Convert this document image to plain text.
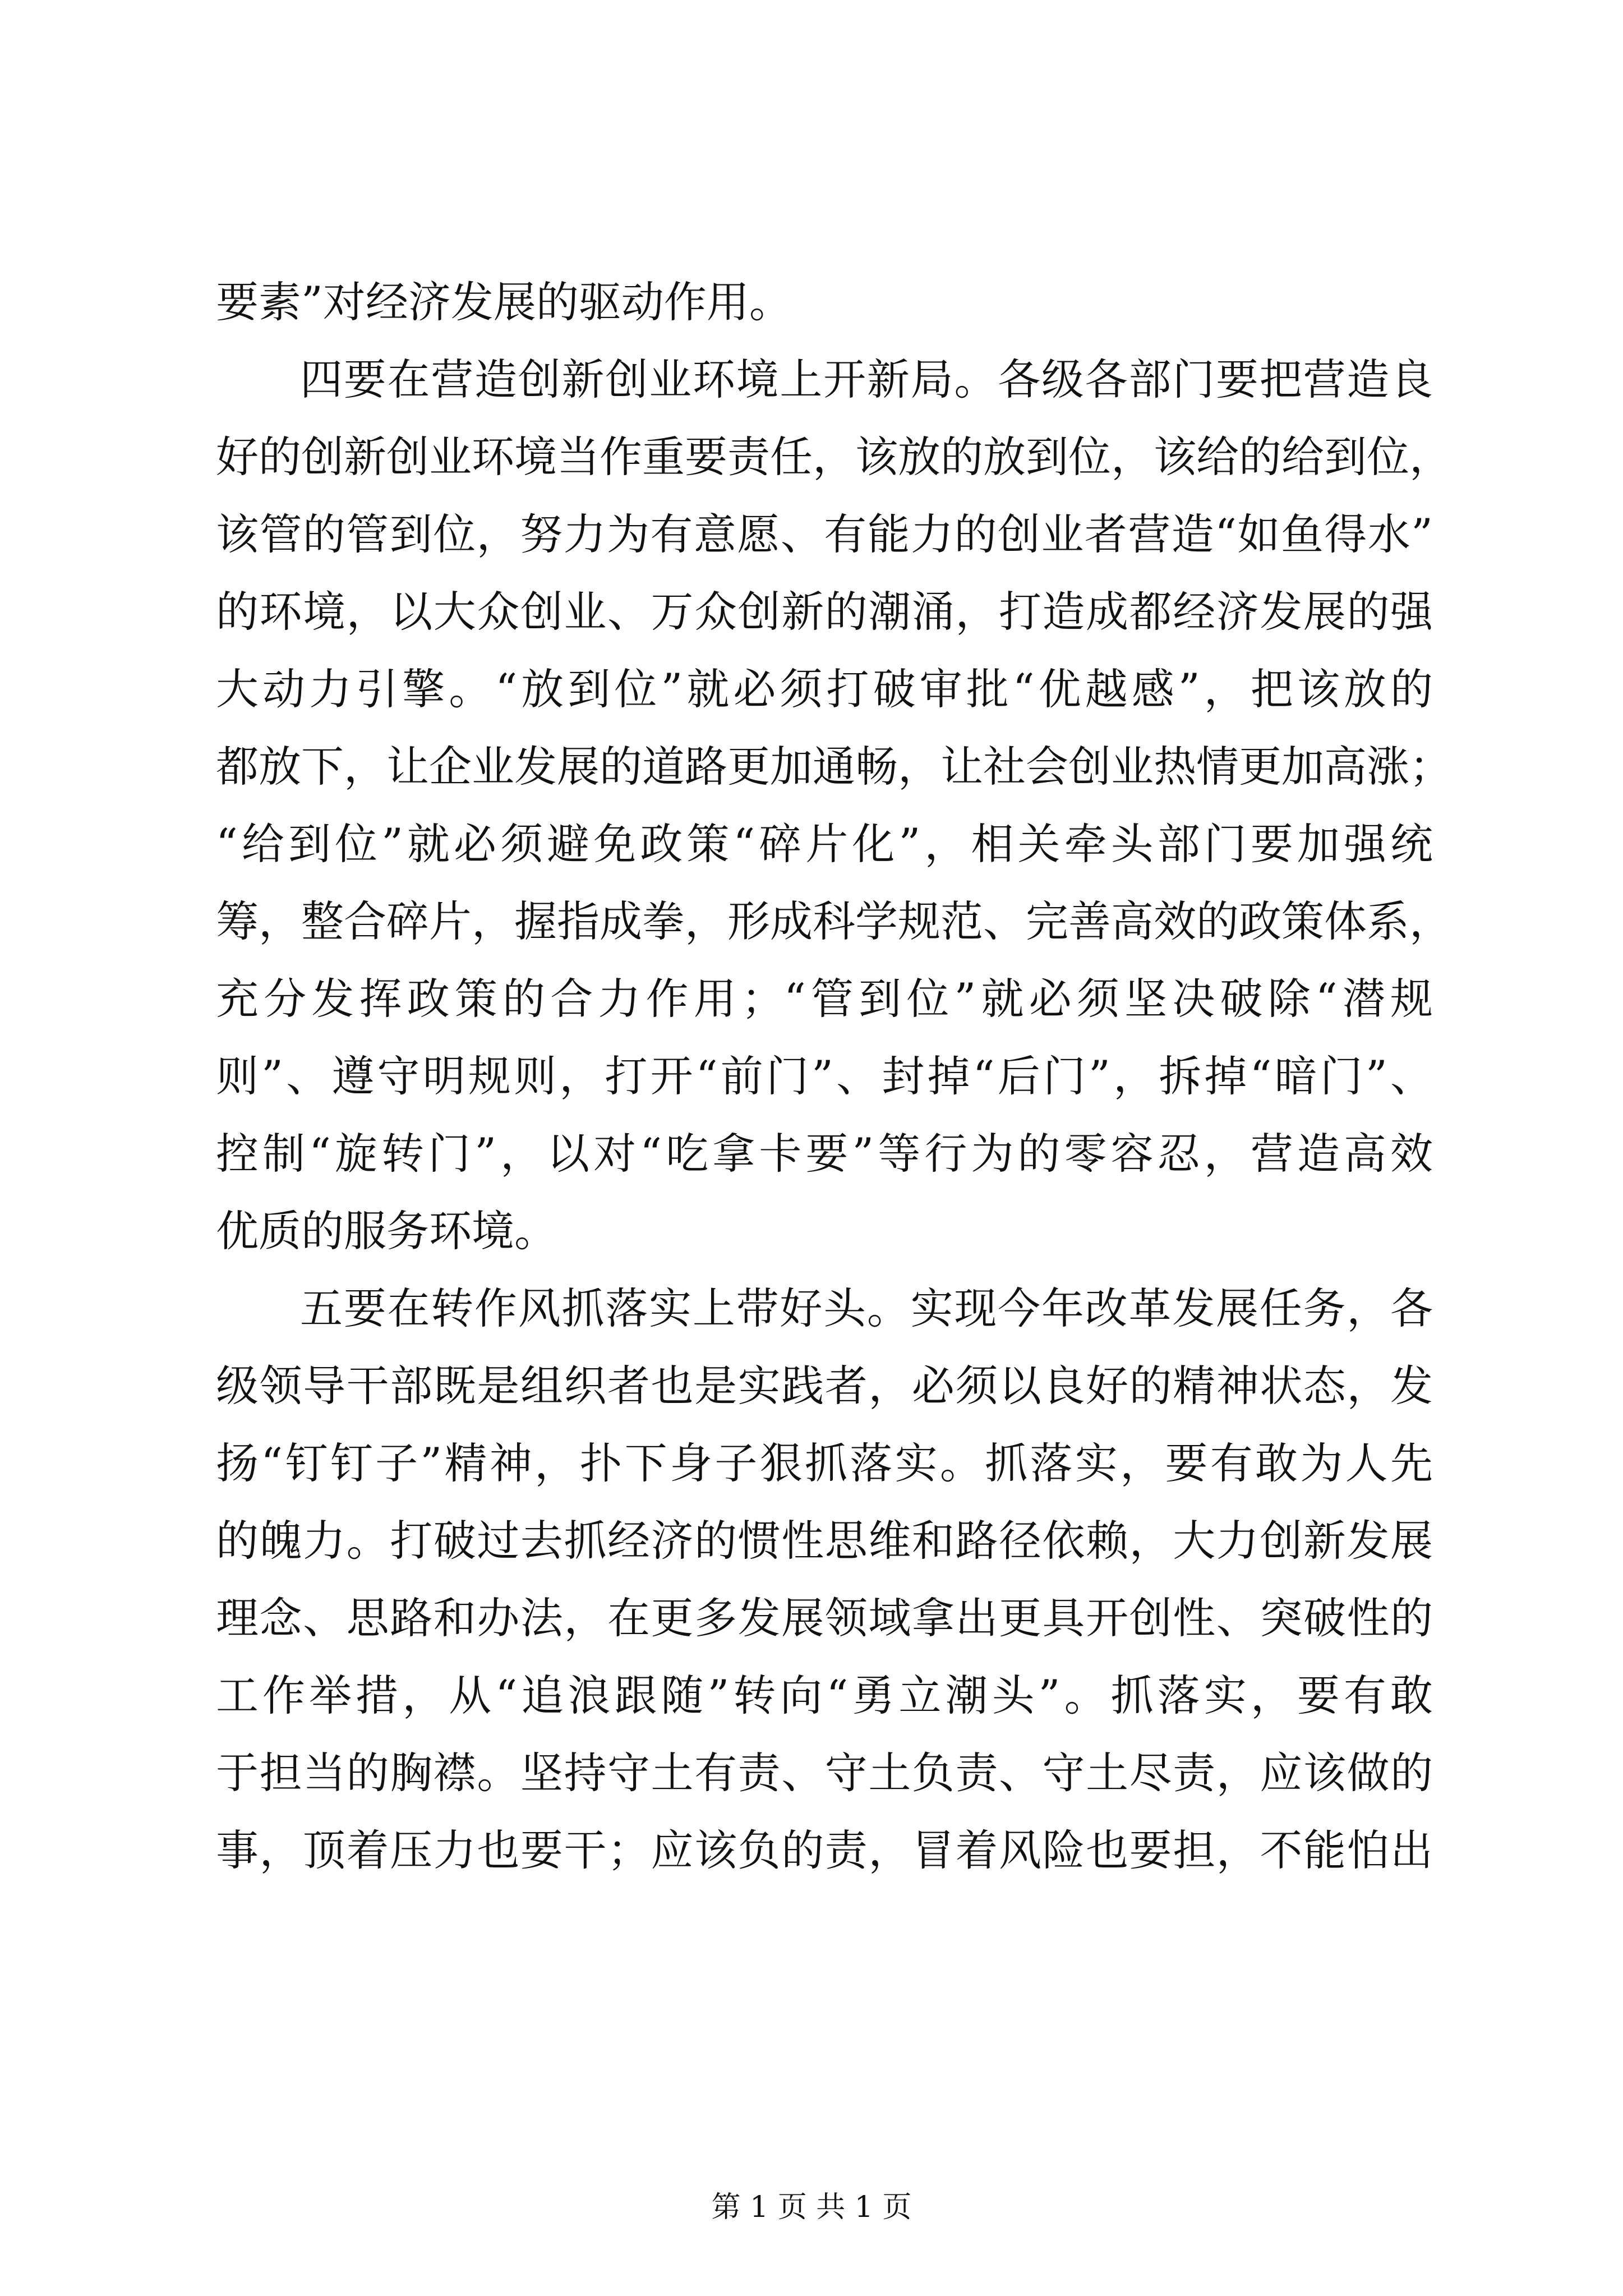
要素”对经济发展的驱动作用。
四要在营造创新创业环境上开新局。各级各部门要把营造良
好的创新创业环境当作重要责任，该放的放到位，该给的给到位，
该管的管到位，努力为有意愿、有能力的创业者营造“如鱼得水”
的环境，以大众创业、万众创新的潮涌，打造成都经济发展的强
大动力引擎。“放到位”就必须打破审批“优越感”，把该放的
都放下，让企业发展的道路更加通畅，让社会创业热情更加高涨；
“给到位”就必须避免政策“碎片化”，相关牵头部门要加强统
筹，整合碎片，握指成拳，形成科学规范、完善高效的政策体系，
充分发挥政策的合力作用；“管到位”就必须坚决破除“潜规
则”、遵守明规则，打开“前门”、封掉“后门”，拆掉“暗门”、
控制“旋转门”，以对“吃拿卡要”等行为的零容忍，营造高效
优质的服务环境。
五要在转作风抓落实上带好头。实现今年改革发展任务，各
级领导干部既是组织者也是实践者，必须以良好的精神状态，发
扬“钉钉子”精神，扑下身子狠抓落实。抓落实，要有敢为人先
的魄力。打破过去抓经济的惯性思维和路径依赖，大力创新发展
理念、思路和办法，在更多发展领域拿出更具开创性、突破性的
工作举措，从“追浪跟随”转向“勇立潮头”。抓落实，要有敢
于担当的胸襟。坚持守土有责、守土负责、守土尽责，应该做的
事，顶着压力也要干；应该负的责，冒着风险也要担，不能怕出
第 1 页 共 1 页
